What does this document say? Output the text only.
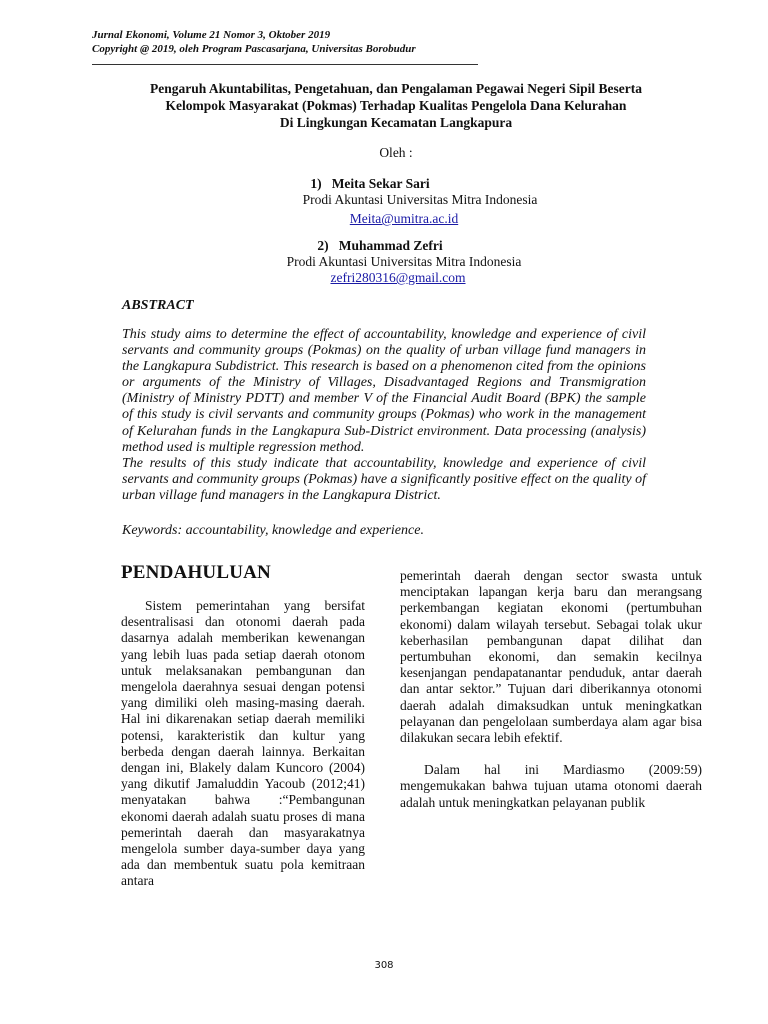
Jurnal Ekonomi, Volume 21 Nomor 3, Oktober 2019
Copyright @ 2019, oleh Program Pascasarjana, Universitas Borobudur
Pengaruh Akuntabilitas, Pengetahuan, dan Pengalaman Pegawai Negeri Sipil Beserta
Kelompok Masyarakat (Pokmas) Terhadap Kualitas Pengelola Dana Kelurahan
Di Lingkungan Kecamatan Langkapura
Oleh :
1) Meita Sekar Sari
Prodi Akuntasi Universitas Mitra Indonesia
Meita@umitra.ac.id
2) Muhammad Zefri
Prodi Akuntasi Universitas Mitra Indonesia
zefri280316@gmail.com
ABSTRACT

This study aims to determine the effect of accountability, knowledge and experience of civil servants and community groups (Pokmas) on the quality of urban village fund managers in the Langkapura Subdistrict. This research is based on a phenomenon cited from the opinions or arguments of the Ministry of Villages, Disadvantaged Regions and Transmigration (Ministry of Ministry PDTT) and member V of the Financial Audit Board (BPK) the sample of this study is civil servants and community groups (Pokmas) who work in the management of Kelurahan funds in the Langkapura Sub-District environment. Data processing (analysis) method used is multiple regression method.

The results of this study indicate that accountability, knowledge and experience of civil servants and community groups (Pokmas) have a significantly positive effect on the quality of urban village fund managers in the Langkapura District.

Keywords: accountability, knowledge and experience.
PENDAHULUAN

Sistem pemerintahan yang bersifat desentralisasi dan otonomi daerah pada dasarnya adalah memberikan kewenangan yang lebih luas pada setiap daerah otonom untuk melaksanakan pembangunan dan mengelola daerahnya sesuai dengan potensi yang dimiliki oleh masing-masing daerah. Hal ini dikarenakan setiap daerah memiliki potensi, karakteristik dan kultur yang berbeda dengan daerah lainnya. Berkaitan dengan ini, Blakely dalam Kuncoro (2004) yang dikutif Jamaluddin Yacoub (2012;41) menyatakan bahwa :“Pembangunan ekonomi daerah adalah suatu proses di mana pemerintah daerah dan masyarakatnya mengelola sumber daya-sumber daya yang ada dan membentuk suatu pola kemitraan antara

pemerintah daerah dengan sector swasta untuk menciptakan lapangan kerja baru dan merangsang perkembangan kegiatan ekonomi (pertumbuhan ekonomi) dalam wilayah tersebut. Sebagai tolak ukur keberhasilan pembangunan dapat dilihat dan pertumbuhan ekonomi, dan semakin kecilnya kesenjangan pendapatanantar penduduk, antar daerah dan antar sektor.” Tujuan dari diberikannya otonomi daerah adalah dimaksudkan untuk meningkatkan pelayanan dan pengelolaan sumberdaya alam agar bisa dilakukan secara lebih efektif.

Dalam hal ini Mardiasmo (2009:59) mengemukakan bahwa tujuan utama otonomi daerah adalah untuk meningkatkan pelayanan publik

308
